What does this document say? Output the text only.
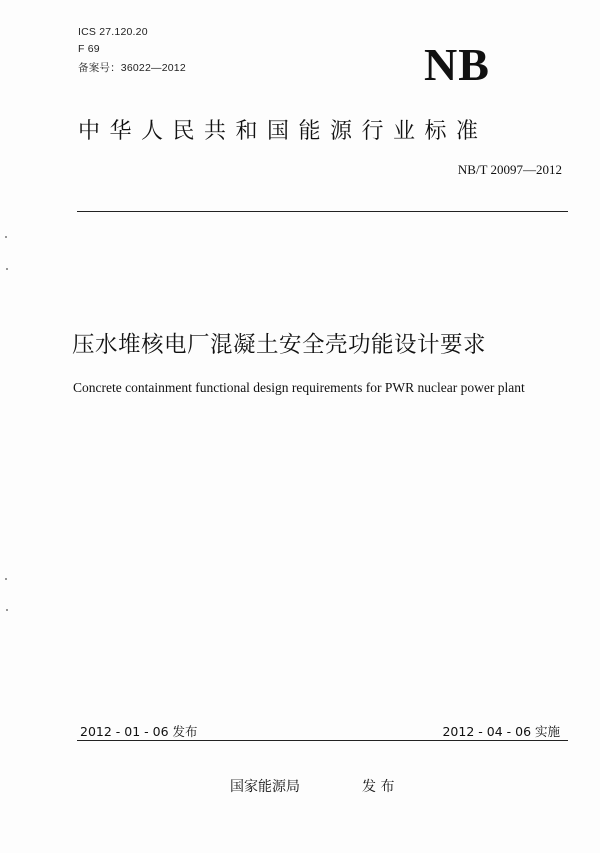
ICS 27.120.20
F 69
备案号：36022—2012	NB
中华人民共和国能源行业标准
NB/T 20097—2012
压水堆核电厂混凝土安全壳功能设计要求
Concrete containment functional design requirements for PWR nuclear power plant
2012 - 01 - 06 发布	2012 - 04 - 06 实施
国家能源局	发 布
